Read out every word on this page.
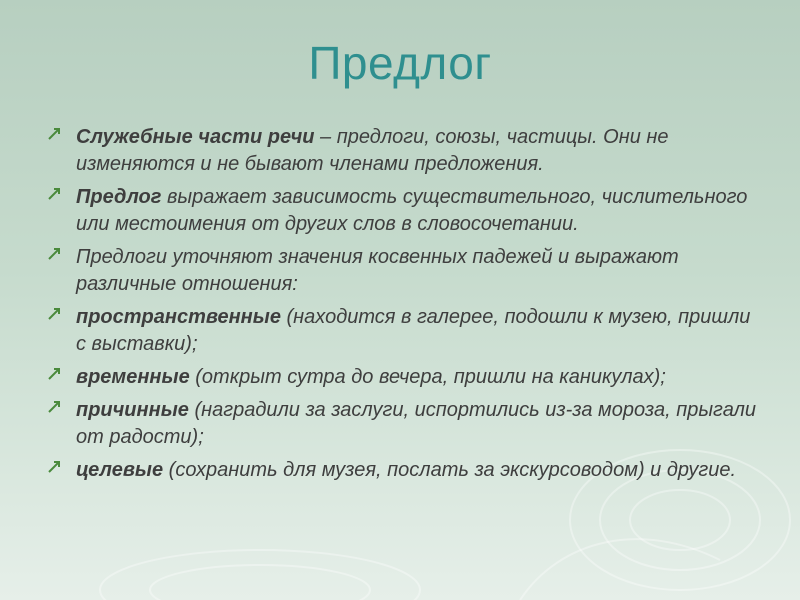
Предлог
Служебные части речи – предлоги, союзы, частицы. Они не изменяются и не бывают членами предложения.
Предлог выражает зависимость существительного, числительного или местоимения от других слов в словосочетании.
Предлоги уточняют значения косвенных падежей и выражают различные отношения:
пространственные (находится в галерее, подошли к музею, пришли с выставки);
временные (открыт сутра до вечера, пришли на каникулах);
причинные (наградили за заслуги, испортились из-за мороза, прыгали от радости);
целевые (сохранить для музея, послать за экскурсоводом) и другие.
